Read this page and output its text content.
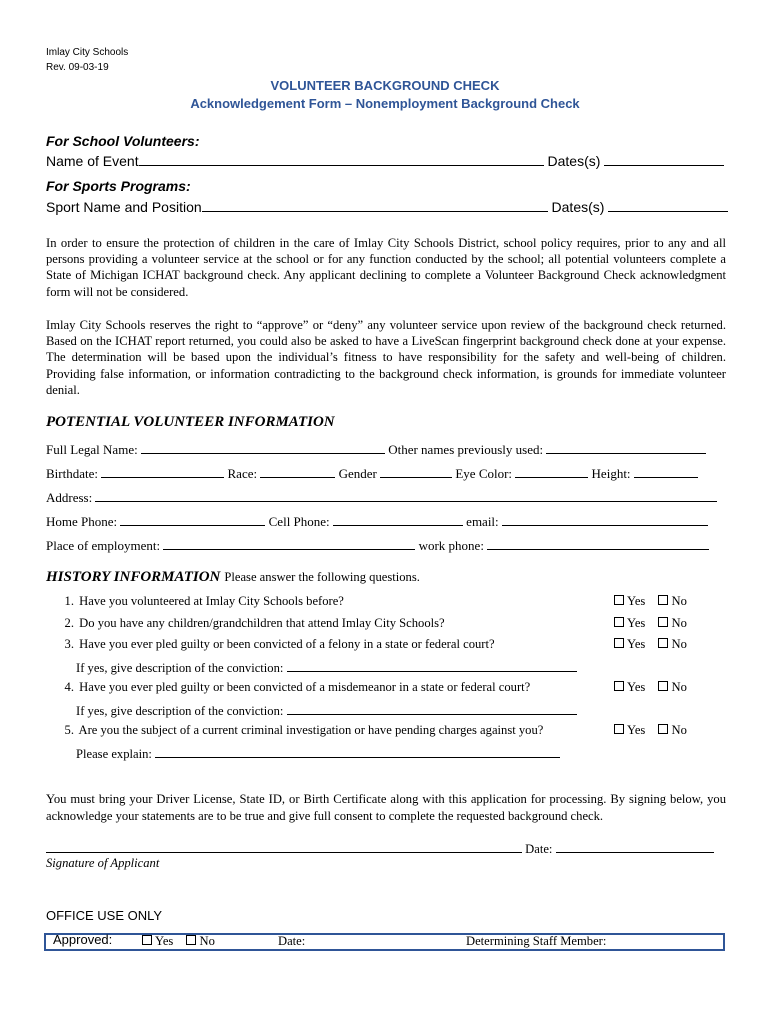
Imlay City Schools
Rev. 09-03-19
VOLUNTEER BACKGROUND CHECK
Acknowledgement Form – Nonemployment Background Check
For School Volunteers:
Name of Event	Dates(s)
For Sports Programs:
Sport Name and Position	Dates(s)
In order to ensure the protection of children in the care of Imlay City Schools District, school policy requires, prior to any and all persons providing a volunteer service at the school or for any function conducted by the school; all potential volunteers complete a State of Michigan ICHAT background check. Any applicant declining to complete a Volunteer Background Check acknowledgment form will not be considered.
Imlay City Schools reserves the right to “approve” or “deny” any volunteer service upon review of the background check returned. Based on the ICHAT report returned, you could also be asked to have a LiveScan fingerprint background check done at your expense. The determination will be based upon the individual’s fitness to have responsibility for the safety and well-being of children. Providing false information, or information contradicting to the background check information, is grounds for immediate volunteer denial.
POTENTIAL VOLUNTEER INFORMATION
Full Legal Name:	Other names previously used:
Birthdate:	Race:	Gender	Eye Color:	Height:
Address:
Home Phone:	Cell Phone:	email:
Place of employment:	work phone:
HISTORY INFORMATION Please answer the following questions.
1. Have you volunteered at Imlay City Schools before?	Yes No
2. Do you have any children/grandchildren that attend Imlay City Schools?	Yes No
3. Have you ever pled guilty or been convicted of a felony in a state or federal court?	Yes No
If yes, give description of the conviction:
4. Have you ever pled guilty or been convicted of a misdemeanor in a state or federal court?	Yes No
If yes, give description of the conviction:
5. Are you the subject of a current criminal investigation or have pending charges against you?	Yes No
Please explain:
You must bring your Driver License, State ID, or Birth Certificate along with this application for processing. By signing below, you acknowledge your statements are to be true and give full consent to complete the requested background check.
Date:
Signature of Applicant
OFFICE USE ONLY
Approved:	Yes No	Date:	Determining Staff Member:
